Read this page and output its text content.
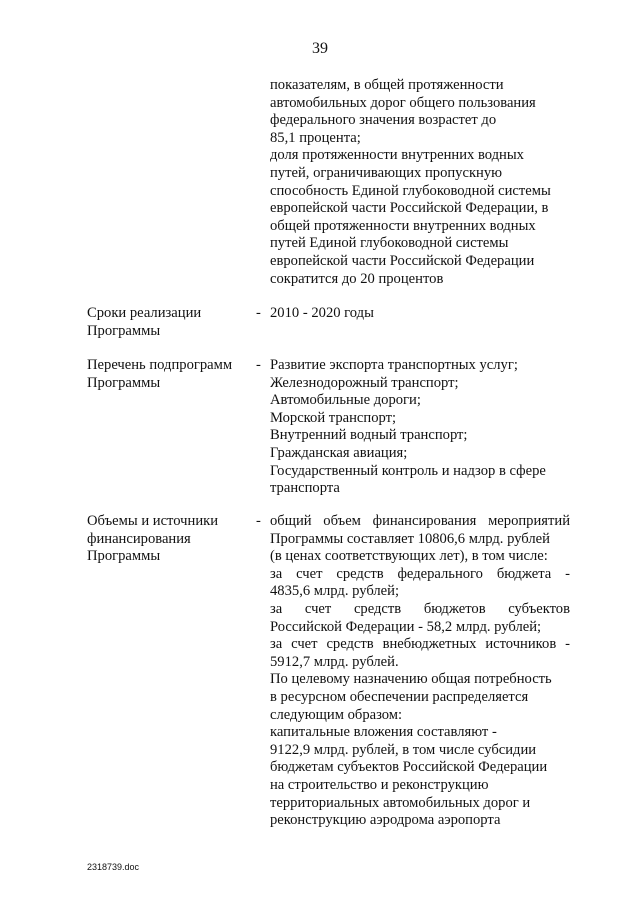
39
показателям, в общей протяженности
автомобильных дорог общего пользования
федерального значения возрастет до
85,1 процента;
доля протяженности внутренних водных
путей, ограничивающих пропускную
способность Единой глубоководной системы
европейской части Российской Федерации, в
общей протяженности внутренних водных
путей Единой глубоководной системы
европейской части Российской Федерации
сократится до 20 процентов
Сроки реализации
Программы
- 2010 - 2020 годы
Перечень подпрограмм
Программы
- Развитие экспорта транспортных услуг;
Железнодорожный транспорт;
Автомобильные дороги;
Морской транспорт;
Внутренний водный транспорт;
Гражданская авиация;
Государственный контроль и надзор в сфере
транспорта
Объемы и источники
финансирования
Программы
- общий объем финансирования мероприятий
Программы составляет 10806,6 млрд. рублей
(в ценах соответствующих лет), в том числе:
за счет средств федерального бюджета -
4835,6 млрд. рублей;
за счет средств бюджетов субъектов
Российской Федерации - 58,2 млрд. рублей;
за счет средств внебюджетных источников -
5912,7 млрд. рублей.
По целевому назначению общая потребность
в ресурсном обеспечении распределяется
следующим образом:
капитальные вложения составляют -
9122,9 млрд. рублей, в том числе субсидии
бюджетам субъектов Российской Федерации
на строительство и реконструкцию
территориальных автомобильных дорог и
реконструкцию аэродрома аэропорта
2318739.doc
